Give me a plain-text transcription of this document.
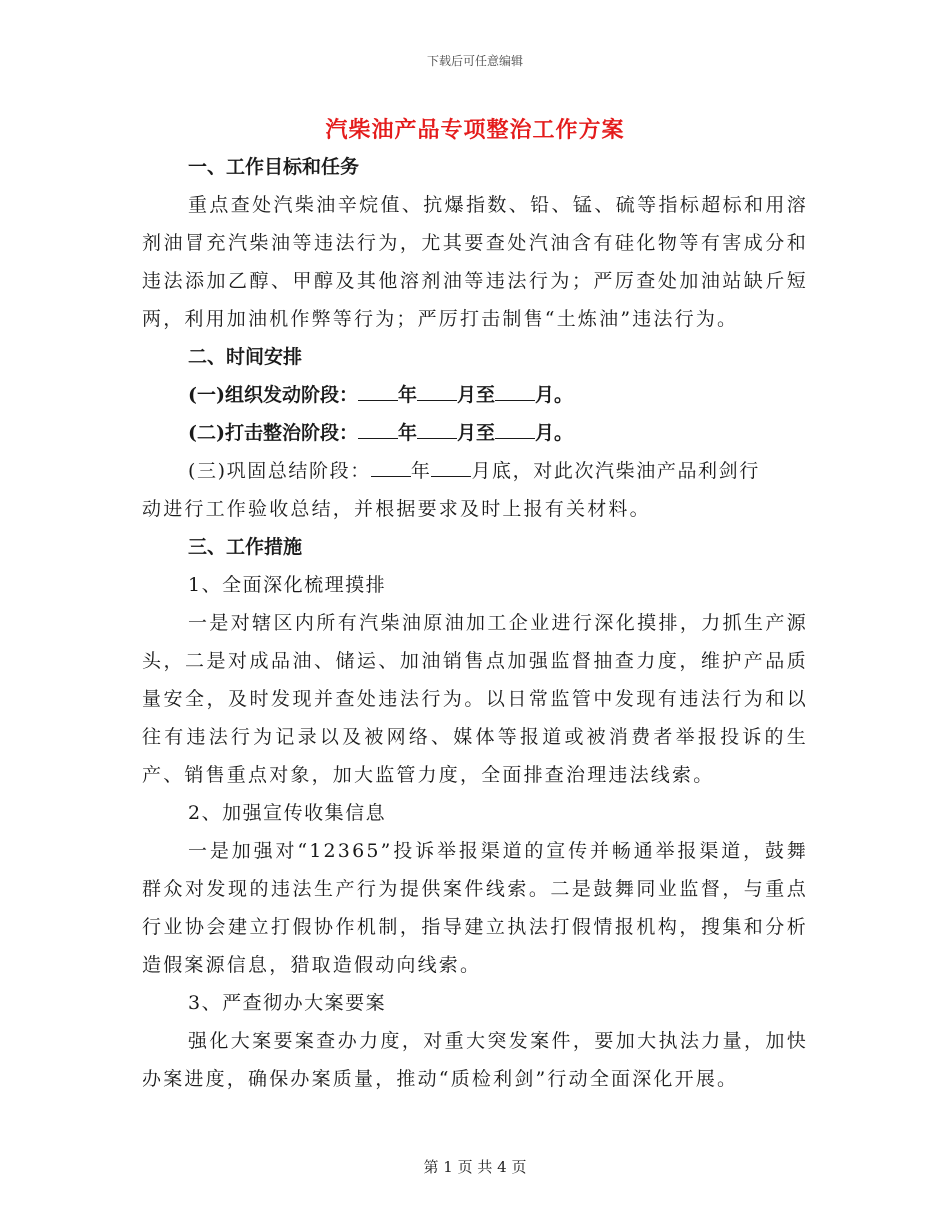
下载后可任意编辑
汽柴油产品专项整治工作方案

一、工作目标和任务

重点查处汽柴油辛烷值、抗爆指数、铅、锰、硫等指标超标和用溶剂油冒充汽柴油等违法行为，尤其要查处汽油含有硅化物等有害成分和违法添加乙醇、甲醇及其他溶剂油等违法行为；严厉查处加油站缺斤短两，利用加油机作弊等行为；严厉打击制售“土炼油”违法行为。

二、时间安排

(一)组织发动阶段： 年 月至 月。

(二)打击整治阶段： 年 月至 月。

(三)巩固总结阶段： 年 月底，对此次汽柴油产品利剑行

动进行工作验收总结，并根据要求及时上报有关材料。

三、工作措施

1、全面深化梳理摸排

一是对辖区内所有汽柴油原油加工企业进行深化摸排，力抓生产源头，二是对成品油、储运、加油销售点加强监督抽查力度，维护产品质量安全，及时发现并查处违法行为。以日常监管中发现有违法行为和以往有违法行为记录以及被网络、媒体等报道或被消费者举报投诉的生产、销售重点对象，加大监管力度，全面排查治理违法线索。

2、加强宣传收集信息

一是加强对“12365”投诉举报渠道的宣传并畅通举报渠道，鼓舞群众对发现的违法生产行为提供案件线索。二是鼓舞同业监督，与重点行业协会建立打假协作机制，指导建立执法打假情报机构，搜集和分析造假案源信息，猎取造假动向线索。

3、严查彻办大案要案

强化大案要案查办力度，对重大突发案件，要加大执法力量，加快办案进度，确保办案质量，推动“质检利剑”行动全面深化开展。

第 1 页 共 4 页
